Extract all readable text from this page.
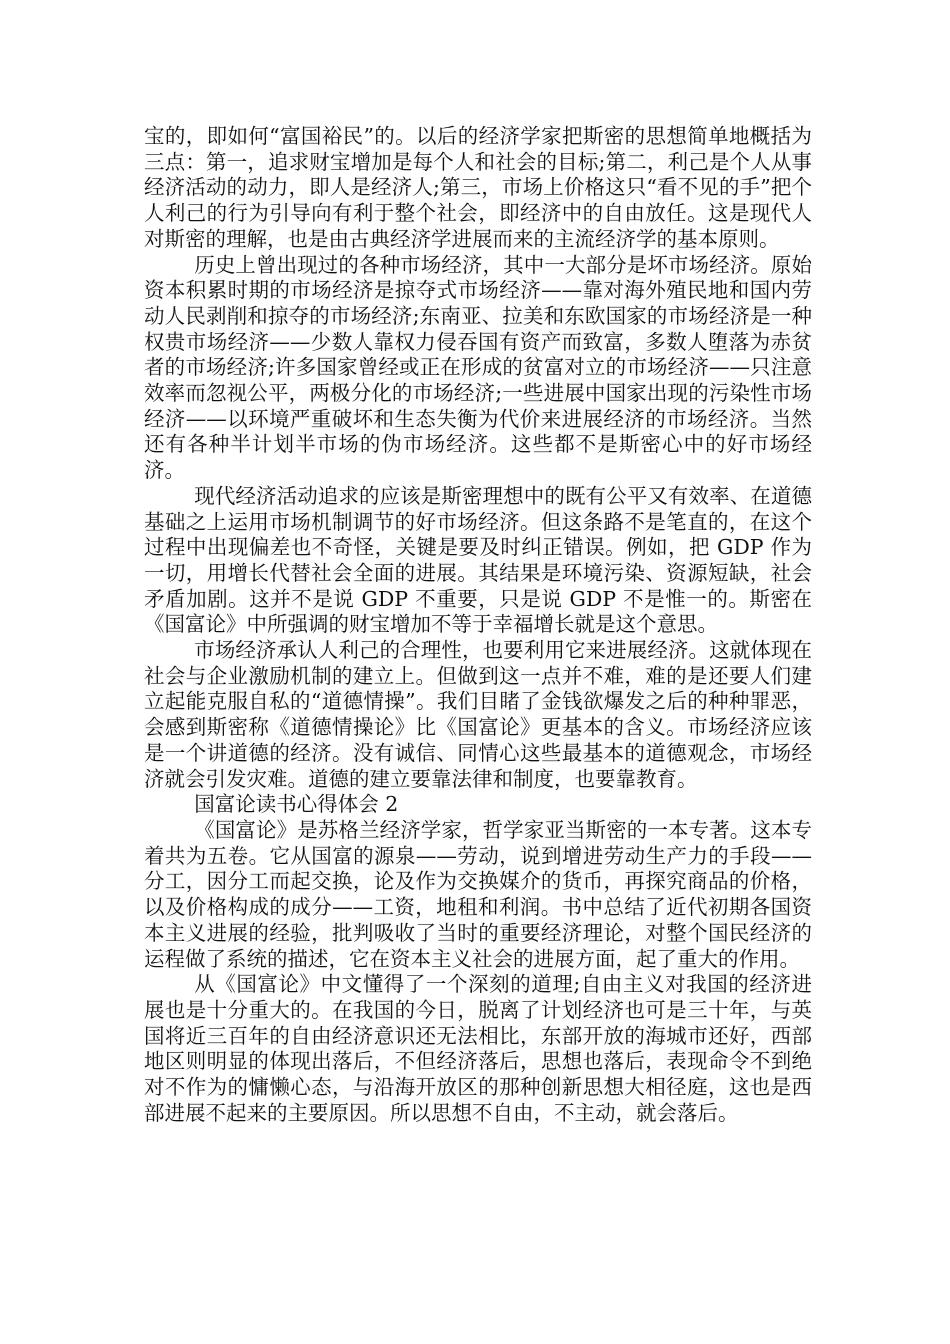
宝的，即如何“富国裕民”的。以后的经济学家把斯密的思想简单地概括为三点：第一，追求财宝增加是每个人和社会的目标;第二，利己是个人从事经济活动的动力，即人是经济人;第三，市场上价格这只“看不见的手”把个人利己的行为引导向有利于整个社会，即经济中的自由放任。这是现代人对斯密的理解，也是由古典经济学进展而来的主流经济学的基本原则。

历史上曾出现过的各种市场经济，其中一大部分是坏市场经济。原始资本积累时期的市场经济是掠夺式市场经济——靠对海外殖民地和国内劳动人民剥削和掠夺的市场经济;东南亚、拉美和东欧国家的市场经济是一种权贵市场经济——少数人靠权力侵吞国有资产而致富，多数人堕落为赤贫者的市场经济;许多国家曾经或正在形成的贫富对立的市场经济——只注意效率而忽视公平，两极分化的市场经济;一些进展中国家出现的污染性市场经济——以环境严重破坏和生态失衡为代价来进展经济的市场经济。当然还有各种半计划半市场的伪市场经济。这些都不是斯密心中的好市场经济。

现代经济活动追求的应该是斯密理想中的既有公平又有效率、在道德基础之上运用市场机制调节的好市场经济。但这条路不是笔直的，在这个过程中出现偏差也不奇怪，关键是要及时纠正错误。例如，把 GDP 作为一切，用增长代替社会全面的进展。其结果是环境污染、资源短缺，社会矛盾加剧。这并不是说 GDP 不重要，只是说 GDP 不是惟一的。斯密在《国富论》中所强调的财宝增加不等于幸福增长就是这个意思。

市场经济承认人利己的合理性，也要利用它来进展经济。这就体现在社会与企业激励机制的建立上。但做到这一点并不难，难的是还要人们建立起能克服自私的“道德情操”。我们目睹了金钱欲爆发之后的种种罪恶，会感到斯密称《道德情操论》比《国富论》更基本的含义。市场经济应该是一个讲道德的经济。没有诚信、同情心这些最基本的道德观念，市场经济就会引发灾难。道德的建立要靠法律和制度，也要靠教育。

国富论读书心得体会 2

《国富论》是苏格兰经济学家，哲学家亚当斯密的一本专著。这本专着共为五卷。它从国富的源泉——劳动，说到增进劳动生产力的手段——分工，因分工而起交换，论及作为交换媒介的货币，再探究商品的价格，以及价格构成的成分——工资，地租和利润。书中总结了近代初期各国资本主义进展的经验，批判吸收了当时的重要经济理论，对整个国民经济的运程做了系统的描述，它在资本主义社会的进展方面，起了重大的作用。

从《国富论》中文懂得了一个深刻的道理;自由主义对我国的经济进展也是十分重大的。在我国的今日，脱离了计划经济也可是三十年，与英国将近三百年的自由经济意识还无法相比，东部开放的海城市还好，西部地区则明显的体现出落后，不但经济落后，思想也落后，表现命令不到绝对不作为的慵懒心态，与沿海开放区的那种创新思想大相径庭，这也是西部进展不起来的主要原因。所以思想不自由，不主动，就会落后。
